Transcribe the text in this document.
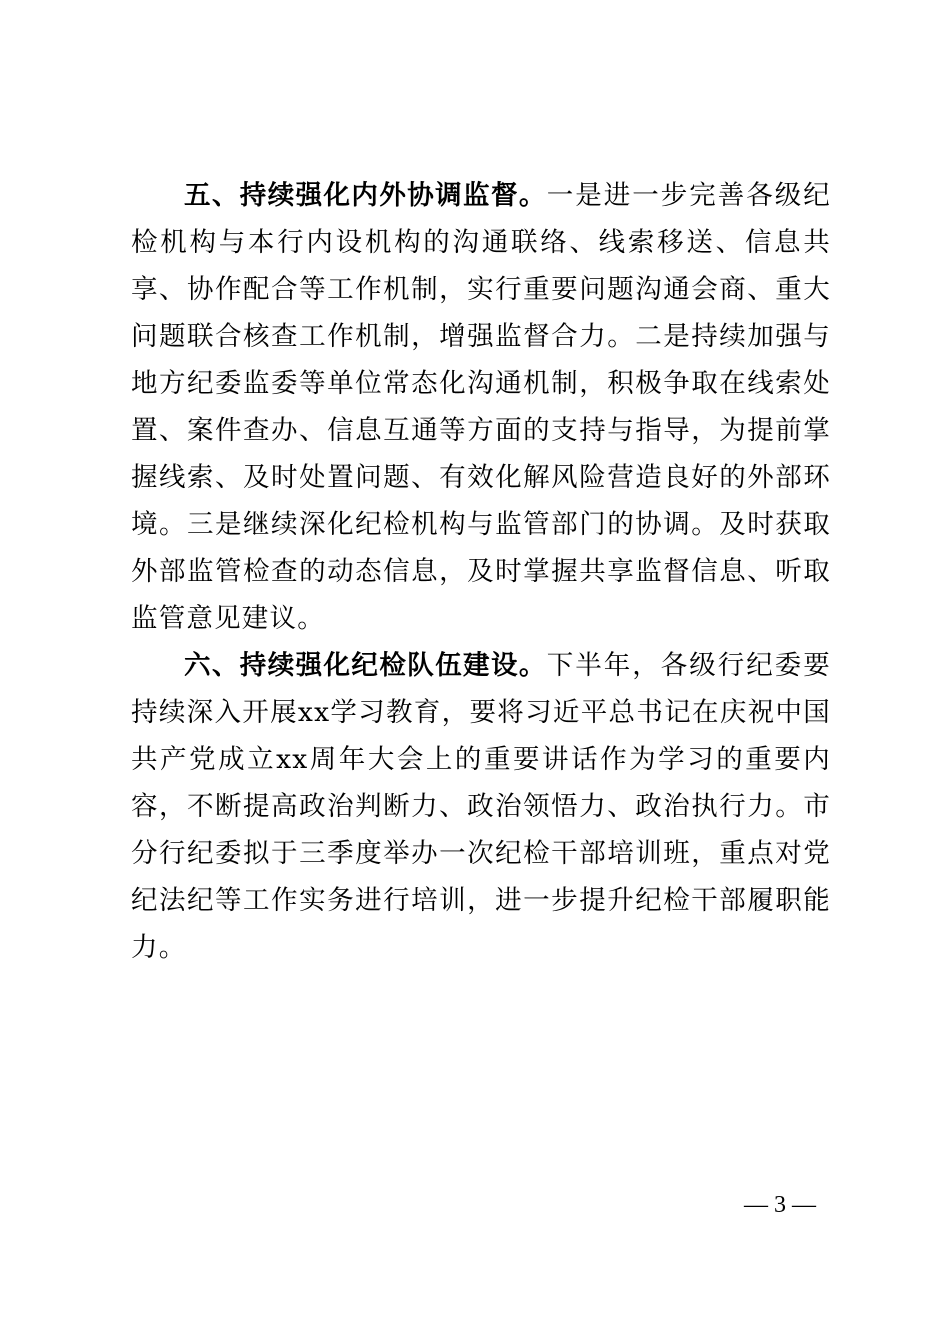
五、持续强化内外协调监督。一是进一步完善各级纪检机构与本行内设机构的沟通联络、线索移送、信息共享、协作配合等工作机制，实行重要问题沟通会商、重大问题联合核查工作机制，增强监督合力。二是持续加强与地方纪委监委等单位常态化沟通机制，积极争取在线索处置、案件查办、信息互通等方面的支持与指导，为提前掌握线索、及时处置问题、有效化解风险营造良好的外部环境。三是继续深化纪检机构与监管部门的协调。及时获取外部监管检查的动态信息，及时掌握共享监督信息、听取监管意见建议。

六、持续强化纪检队伍建设。下半年，各级行纪委要持续深入开展xx学习教育，要将习近平总书记在庆祝中国共产党成立xx周年大会上的重要讲话作为学习的重要内容，不断提高政治判断力、政治领悟力、政治执行力。市分行纪委拟于三季度举办一次纪检干部培训班，重点对党纪法纪等工作实务进行培训，进一步提升纪检干部履职能力。

— 3 —
